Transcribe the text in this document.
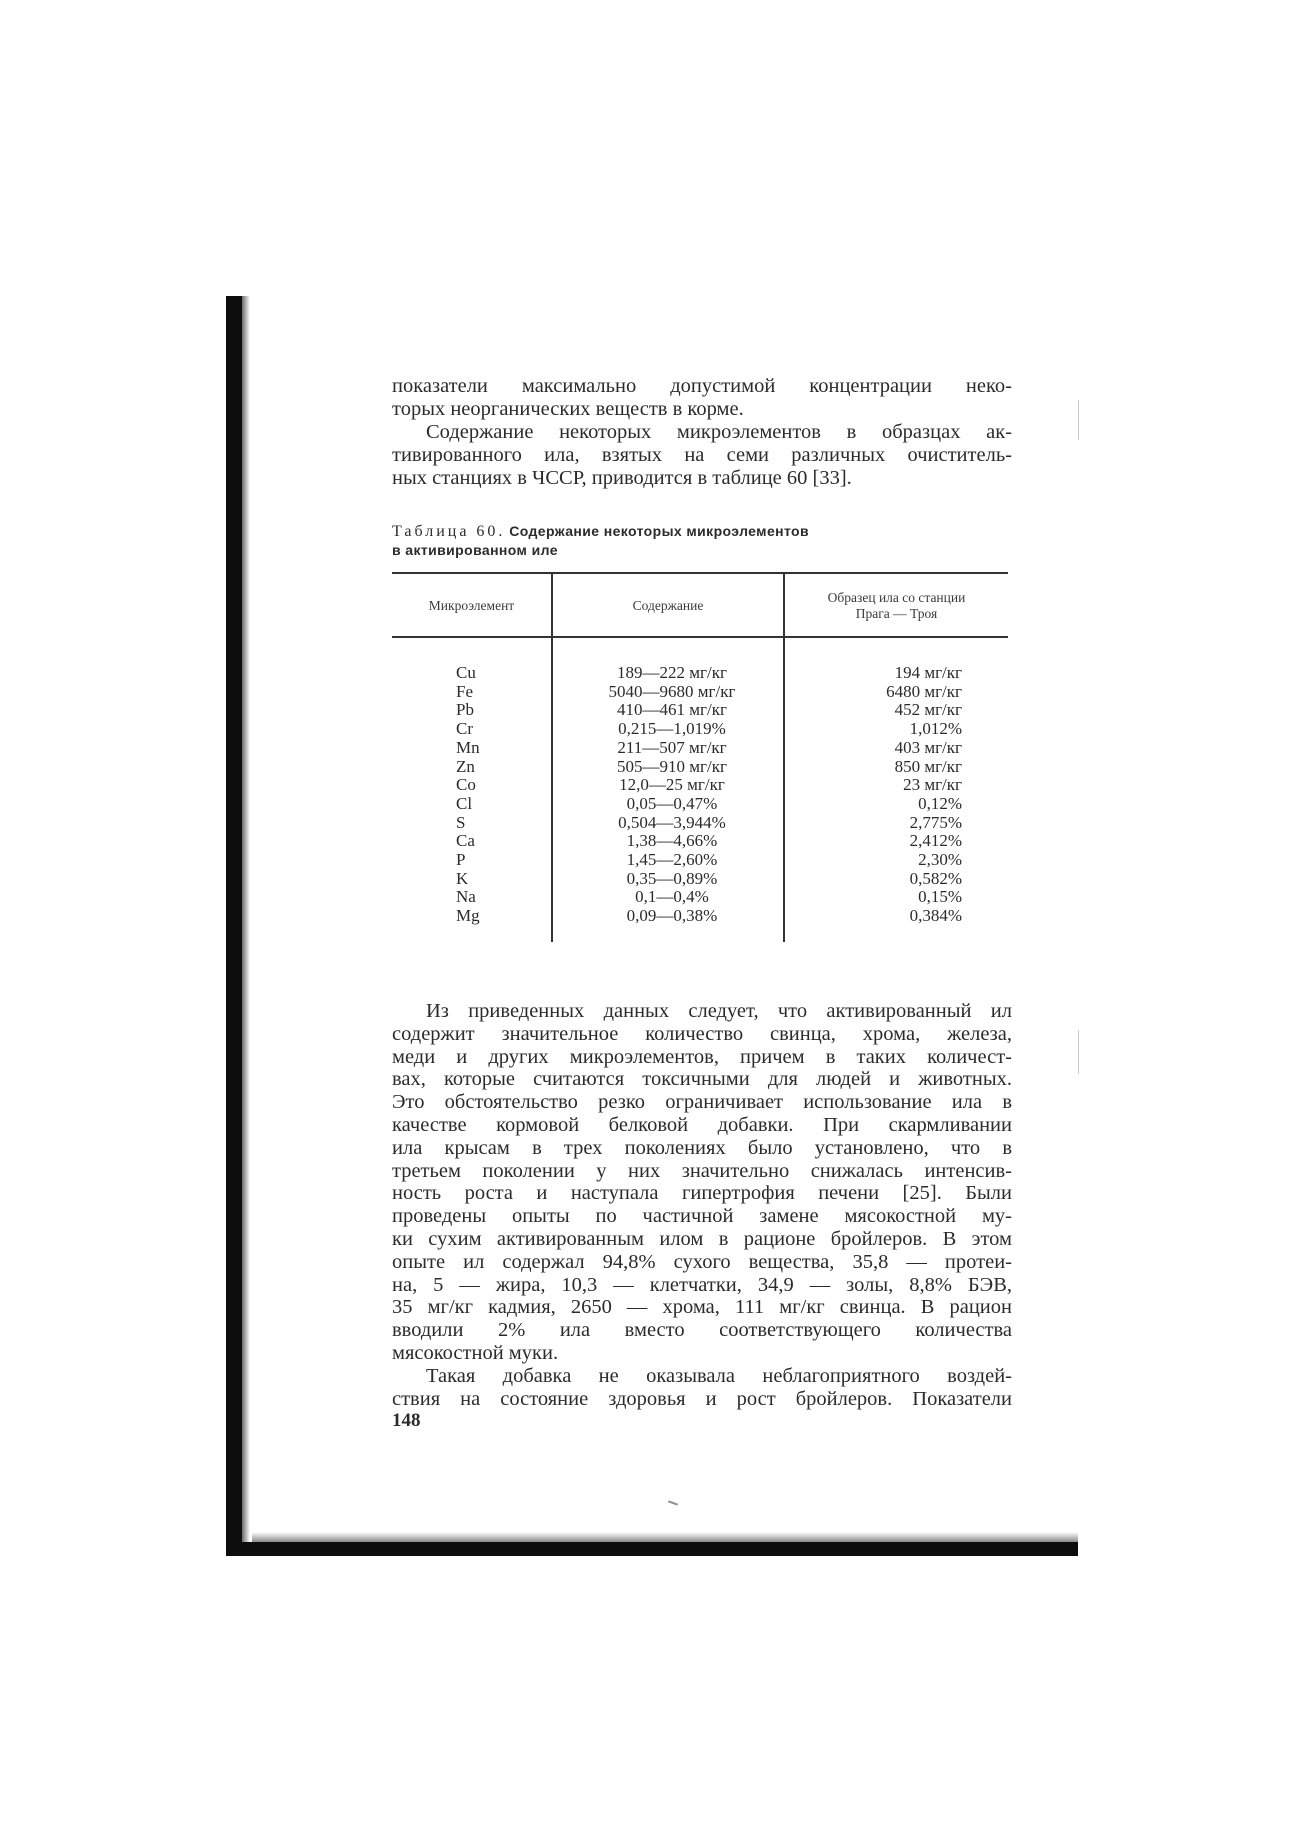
показатели максимально допустимой концентрации неко-
торых неорганических веществ в корме.
Содержание некоторых микроэлементов в образцах ак-
тивированного ила, взятых на семи различных очиститель-
ных станциях в ЧССР, приводится в таблице 60 [33].
Таблица 60. Содержание некоторых микроэлементов
в активированном иле
Микроэлемент	Содержание
Образец ила со станции
Прага — Троя
Cu
Fe
Pb
Cr
Mn
Zn
Co
Cl
S
Ca
P
K
Na
Mg
189—222 мг/кг
5040—9680 мг/кг
410—461 мг/кг
0,215—1,019%
211—507 мг/кг
505—910 мг/кг
12,0—25 мг/кг
0,05—0,47%
0,504—3,944%
1,38—4,66%
1,45—2,60%
0,35—0,89%
0,1—0,4%
0,09—0,38%
194 мг/кг
6480 мг/кг
452 мг/кг
1,012%
403 мг/кг
850 мг/кг
23 мг/кг
0,12%
2,775%
2,412%
2,30%
0,582%
0,15%
0,384%
Из приведенных данных следует, что активированный ил
содержит значительное количество свинца, хрома, железа,
меди и других микроэлементов, причем в таких количест-
вах, которые считаются токсичными для людей и животных.
Это обстоятельство резко ограничивает использование ила в
качестве кормовой белковой добавки. При скармливании
ила крысам в трех поколениях было установлено, что в
третьем поколении у них значительно снижалась интенсив-
ность роста и наступала гипертрофия печени [25]. Были
проведены опыты по частичной замене мясокостной му-
ки сухим активированным илом в рационе бройлеров. В этом
опыте ил содержал 94,8% сухого вещества, 35,8 — протеи-
на, 5 — жира, 10,3 — клетчатки, 34,9 — золы, 8,8% БЭВ,
35 мг/кг кадмия, 2650 — хрома, 111 мг/кг свинца. В рацион
вводили 2% ила вместо соответствующего количества
мясокостной муки.
Такая добавка не оказывала неблагоприятного воздей-
ствия на состояние здоровья и рост бройлеров. Показатели
148
